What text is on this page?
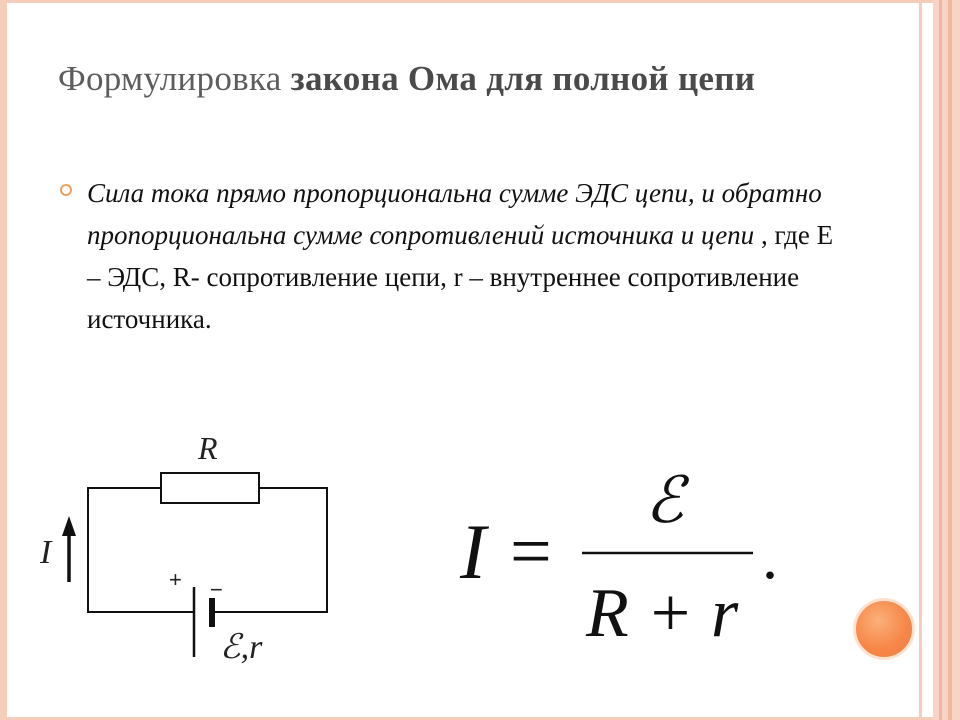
Формулировка закона Ома для полной цепи
Сила тока прямо пропорциональна сумме ЭДС цепи, и обратно пропорциональна сумме сопротивлений источника и цепи , где Е – ЭДС, R- сопротивление цепи, r – внутреннее сопротивление источника.
R
I
+ −
ℰ,r
I =
ℰ
R + r
.
